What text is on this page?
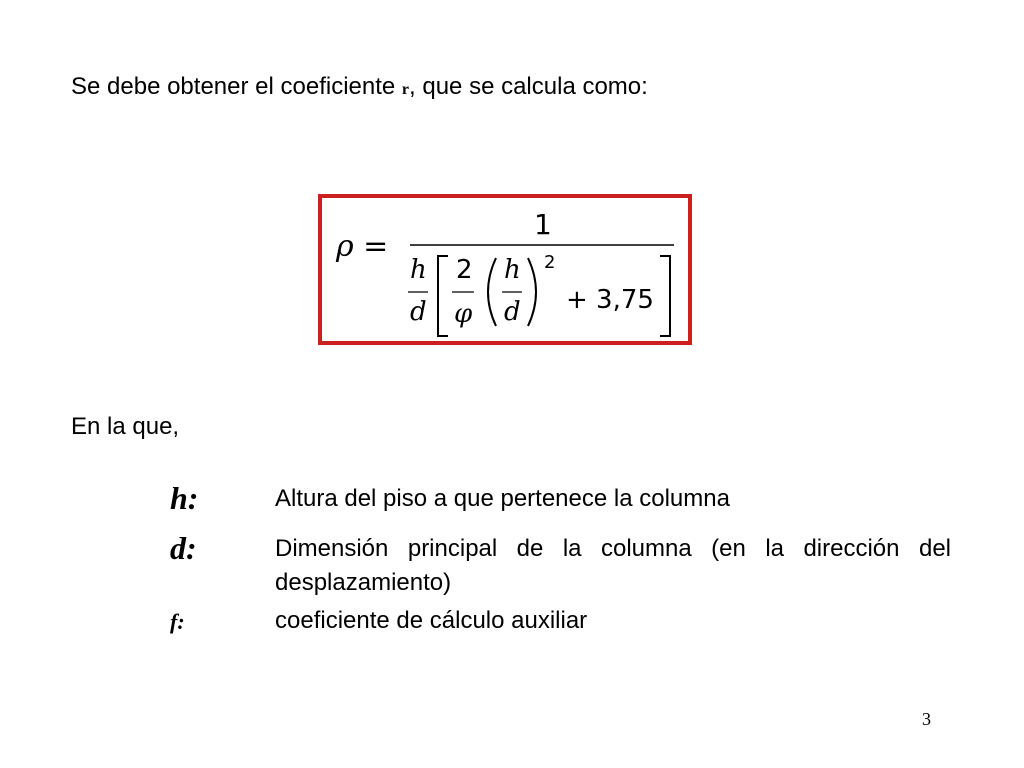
Se debe obtener el coeficiente r, que se calcula como:
ρ =
1
h
d
2
φ
h
d
2
+ 3,75
En la que,
h:	Altura del piso a que pertenece la columna
d:	Dimensión principal de la columna (en la dirección del desplazamiento)
f:	coeficiente de cálculo auxiliar
3
